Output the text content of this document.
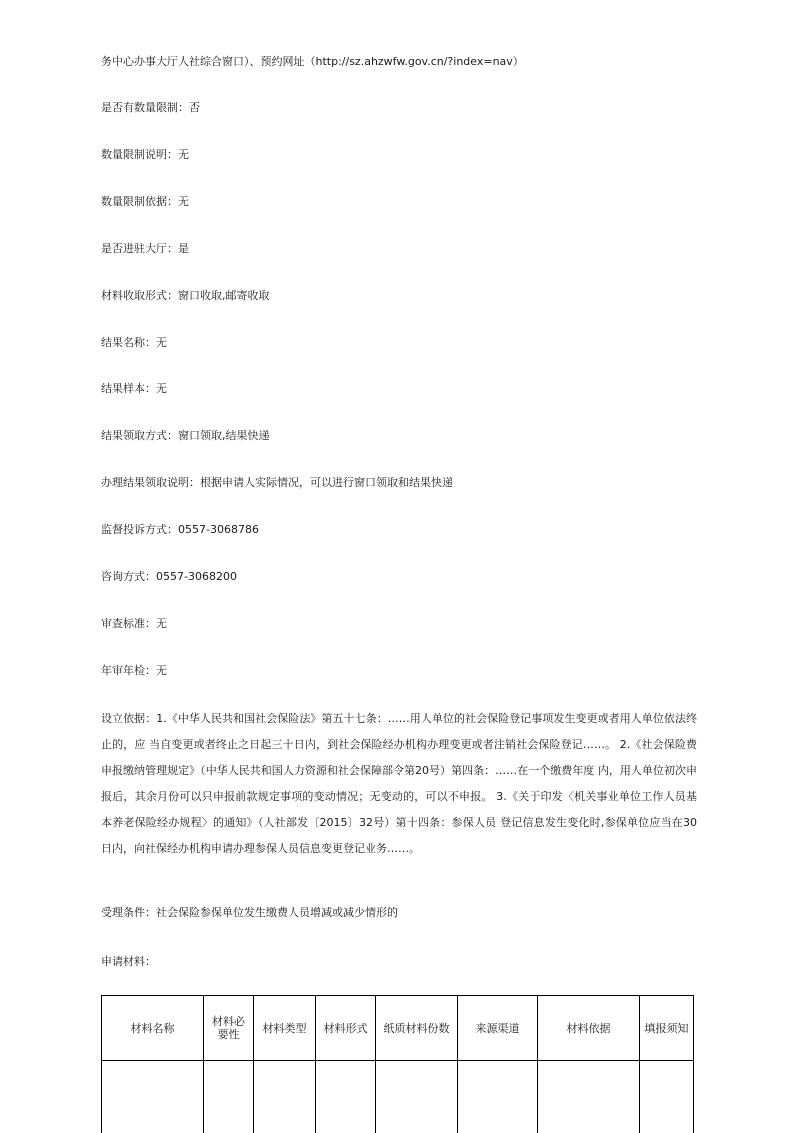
务中心办事大厅人社综合窗口）、预约网址（http://sz.ahzwfw.gov.cn/?index=nav）

是否有数量限制：否

数量限制说明：无

数量限制依据：无

是否进驻大厅：是

材料收取形式：窗口收取,邮寄收取

结果名称：无

结果样本：无

结果领取方式：窗口领取,结果快递

办理结果领取说明：根据申请人实际情况，可以进行窗口领取和结果快递

监督投诉方式：0557-3068786

咨询方式：0557-3068200

审查标准：无

年审年检：无

设立依据：1.《中华人民共和国社会保险法》第五十七条：……用人单位的社会保险登记事项发生变更或者用人单位依法终止的，应 当自变更或者终止之日起三十日内，到社会保险经办机构办理变更或者注销社会保险登记……。 2.《社会保险费申报缴纳管理规定》（中华人民共和国人力资源和社会保障部令第20号）第四条：……在一个缴费年度 内，用人单位初次申报后，其余月份可以只申报前款规定事项的变动情况；无变动的，可以不申报。 3.《关于印发〈机关事业单位工作人员基本养老保险经办规程〉的通知》（人社部发〔2015〕32号）第十四条：参保人员 登记信息发生变化时,参保单位应当在30日内，向社保经办机构申请办理参保人员信息变更登记业务……。

受理条件：社会保险参保单位发生缴费人员增减或减少情形的

申请材料：

材料名称	材料必要性	材料类型	材料形式	纸质材料份数	来源渠道	材料依据	填报须知
